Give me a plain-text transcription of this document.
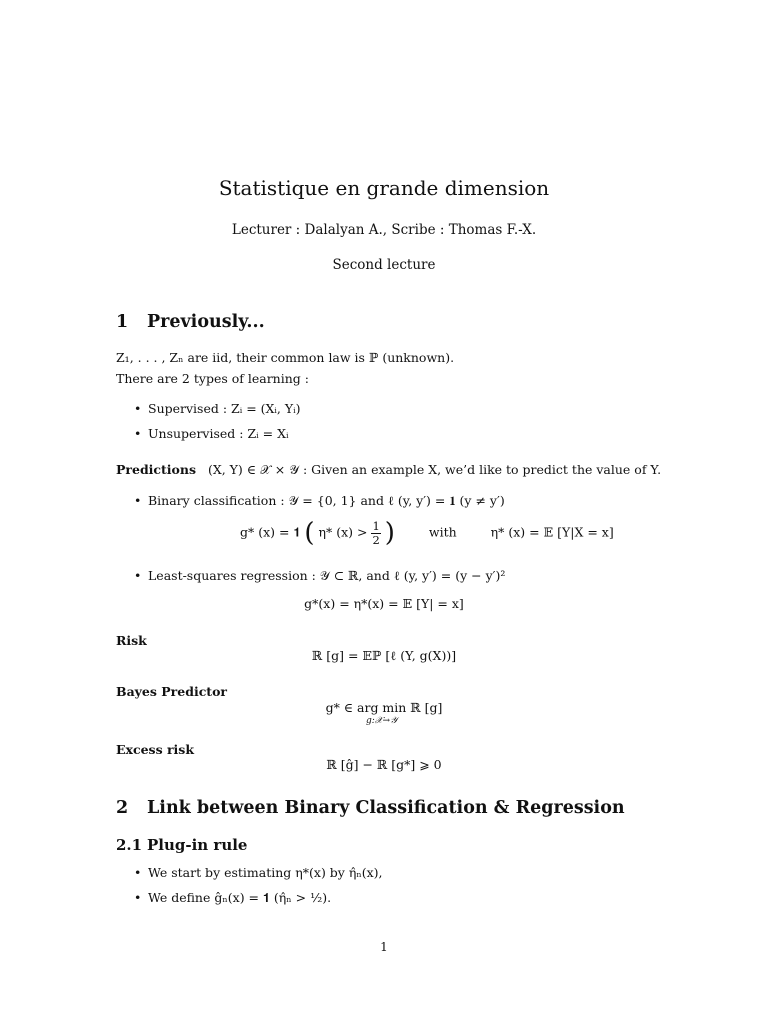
Statistique en grande dimension
Lecturer : Dalalyan A., Scribe : Thomas F.-X.
Second lecture
1 Previously...
Z₁, . . . , Zₙ are iid, their common law is ℙ (unknown).
There are 2 types of learning :
• Supervised : Zᵢ = (Xᵢ, Yᵢ)
• Unsupervised : Zᵢ = Xᵢ
Predictions (X, Y) ∈ 𝒳 × 𝒴 : Given an example X, we’d like to predict the value of Y.
• Binary classification : 𝒴 = {0, 1} and ℓ (y, y′) = 𝟏 (y ≠ y′)
g* (x) = 𝟏 ( η* $(x) > \frac{1}{2}$ )	with	η* (x) = 𝔼 [Y|X = x]
• Least-squares regression : 𝒴 ⊂ ℝ, and ℓ (y, y′) = (y − y′)²
g*(x) = η*(x) = 𝔼 [Y| = x]
Risk
ℝ [g] = 𝔼ℙ [ℓ (Y, g(X))]
Bayes Predictor
g* ∈ arg min ℝ [g]
g:𝒳→𝒴
Excess risk
ℝ [ĝ] − ℝ [g*] ⩾ 0
2 Link between Binary Classification & Regression
2.1 Plug-in rule
• We start by estimating η*(x) by η̂ₙ(x),
• We define ĝₙ(x) = 𝟏 (η̂ₙ > ½).
1
